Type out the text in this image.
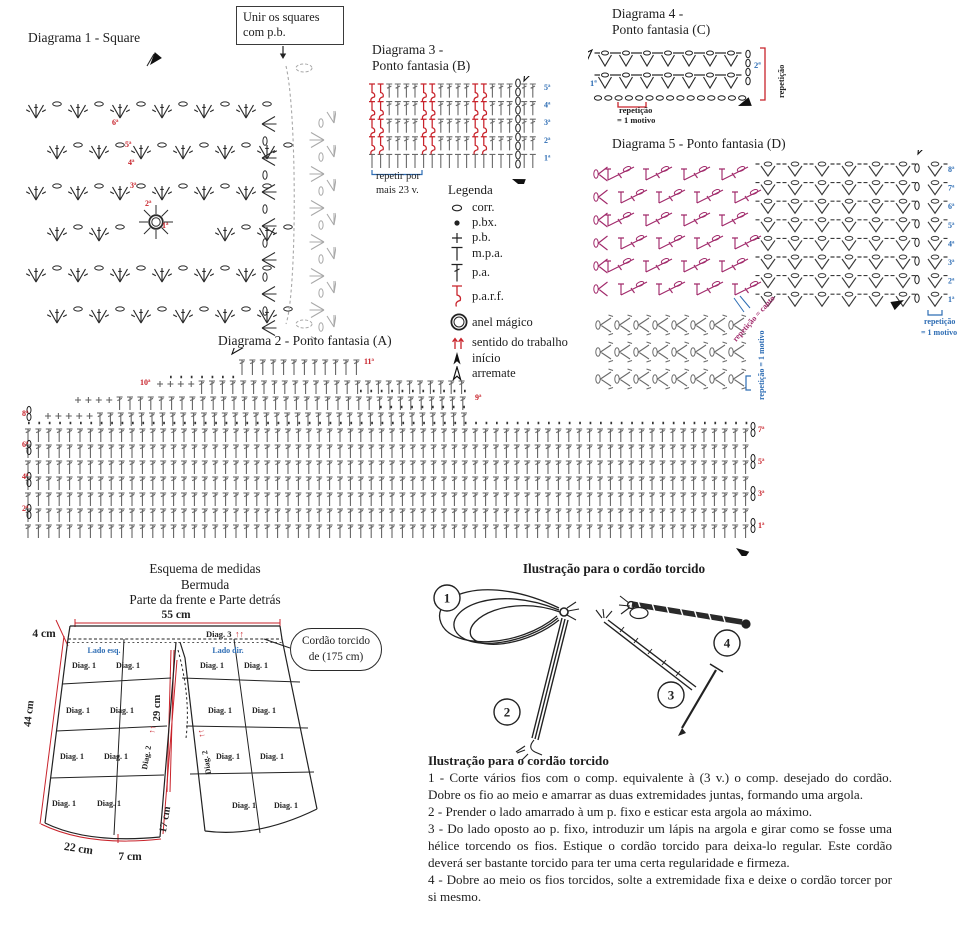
Diagrama 1 - Square
Unir os squares
com p.b.
1ª
2ª
3ª
4ª
5ª
6ª
Diagrama 3 -
Ponto fantasia (B)
5ª
4ª
3ª
2ª
1ª
repetir por
mais 23 v. Legenda
corr.
p.bx.
p.b.
m.p.a.
p.a.
p.a.r.f.
anel mágico
sentido do trabalho
início
arremate
Diagrama 4 -
Ponto fantasia (C)
1ª
2ª repetição
repetição
= 1 motivo
Diagrama 5 - Ponto fantasia (D)
8ª
7ª
6ª
5ª
4ª
3ª
2ª
1ª
repetição = canto
repetição = 1 motivo
repetição
= 1 motivo
Diagrama 2 - Ponto fantasia (A)
10ª
8ª
6ª
4ª
2ª
11ª
9ª
7ª
5ª
3ª
1ª
Esquema de medidas
Bermuda
Parte da frente e Parte detrás
55 cm
4 cm
44 cm	29 cm
17 cm
22 cm 7 cm
Diag. 3 ↑↑
Lado esq.	Lado dir.
Diag. 2
↑↑
Diag. 2
↑↑
Diag. 1	Diag. 1
Diag. 1	Diag. 1
Diag. 1	Diag. 1
Diag. 1	Diag. 1
Diag. 1	Diag. 1
Diag. 1	Diag. 1
Diag. 1	Diag. 1
Diag. 1 Diag. 1
Cordão torcido
de (175 cm)
Ilustração para o cordão torcido
1
2
3
4

Ilustração para o cordão torcido

1 - Corte vários fios com o comp. equivalente à (3 v.) o comp. desejado do cordão. Dobre os fio ao meio e amarrar as duas extremidades juntas, formando uma argola.

2 - Prender o lado amarrado à um p. fixo e esticar esta argola ao máximo.

3 - Do lado oposto ao p. fixo, introduzir um lápis na argola e girar como se fosse uma hélice torcendo os fios. Estique o cordão torcido para deixa-lo regular. Este cordão deverá ser bastante torcido para ter uma certa regularidade e firmeza.

4 - Dobre ao meio os fios torcidos, solte a extremidade fixa e deixe o cordão torcer por si mesmo.
